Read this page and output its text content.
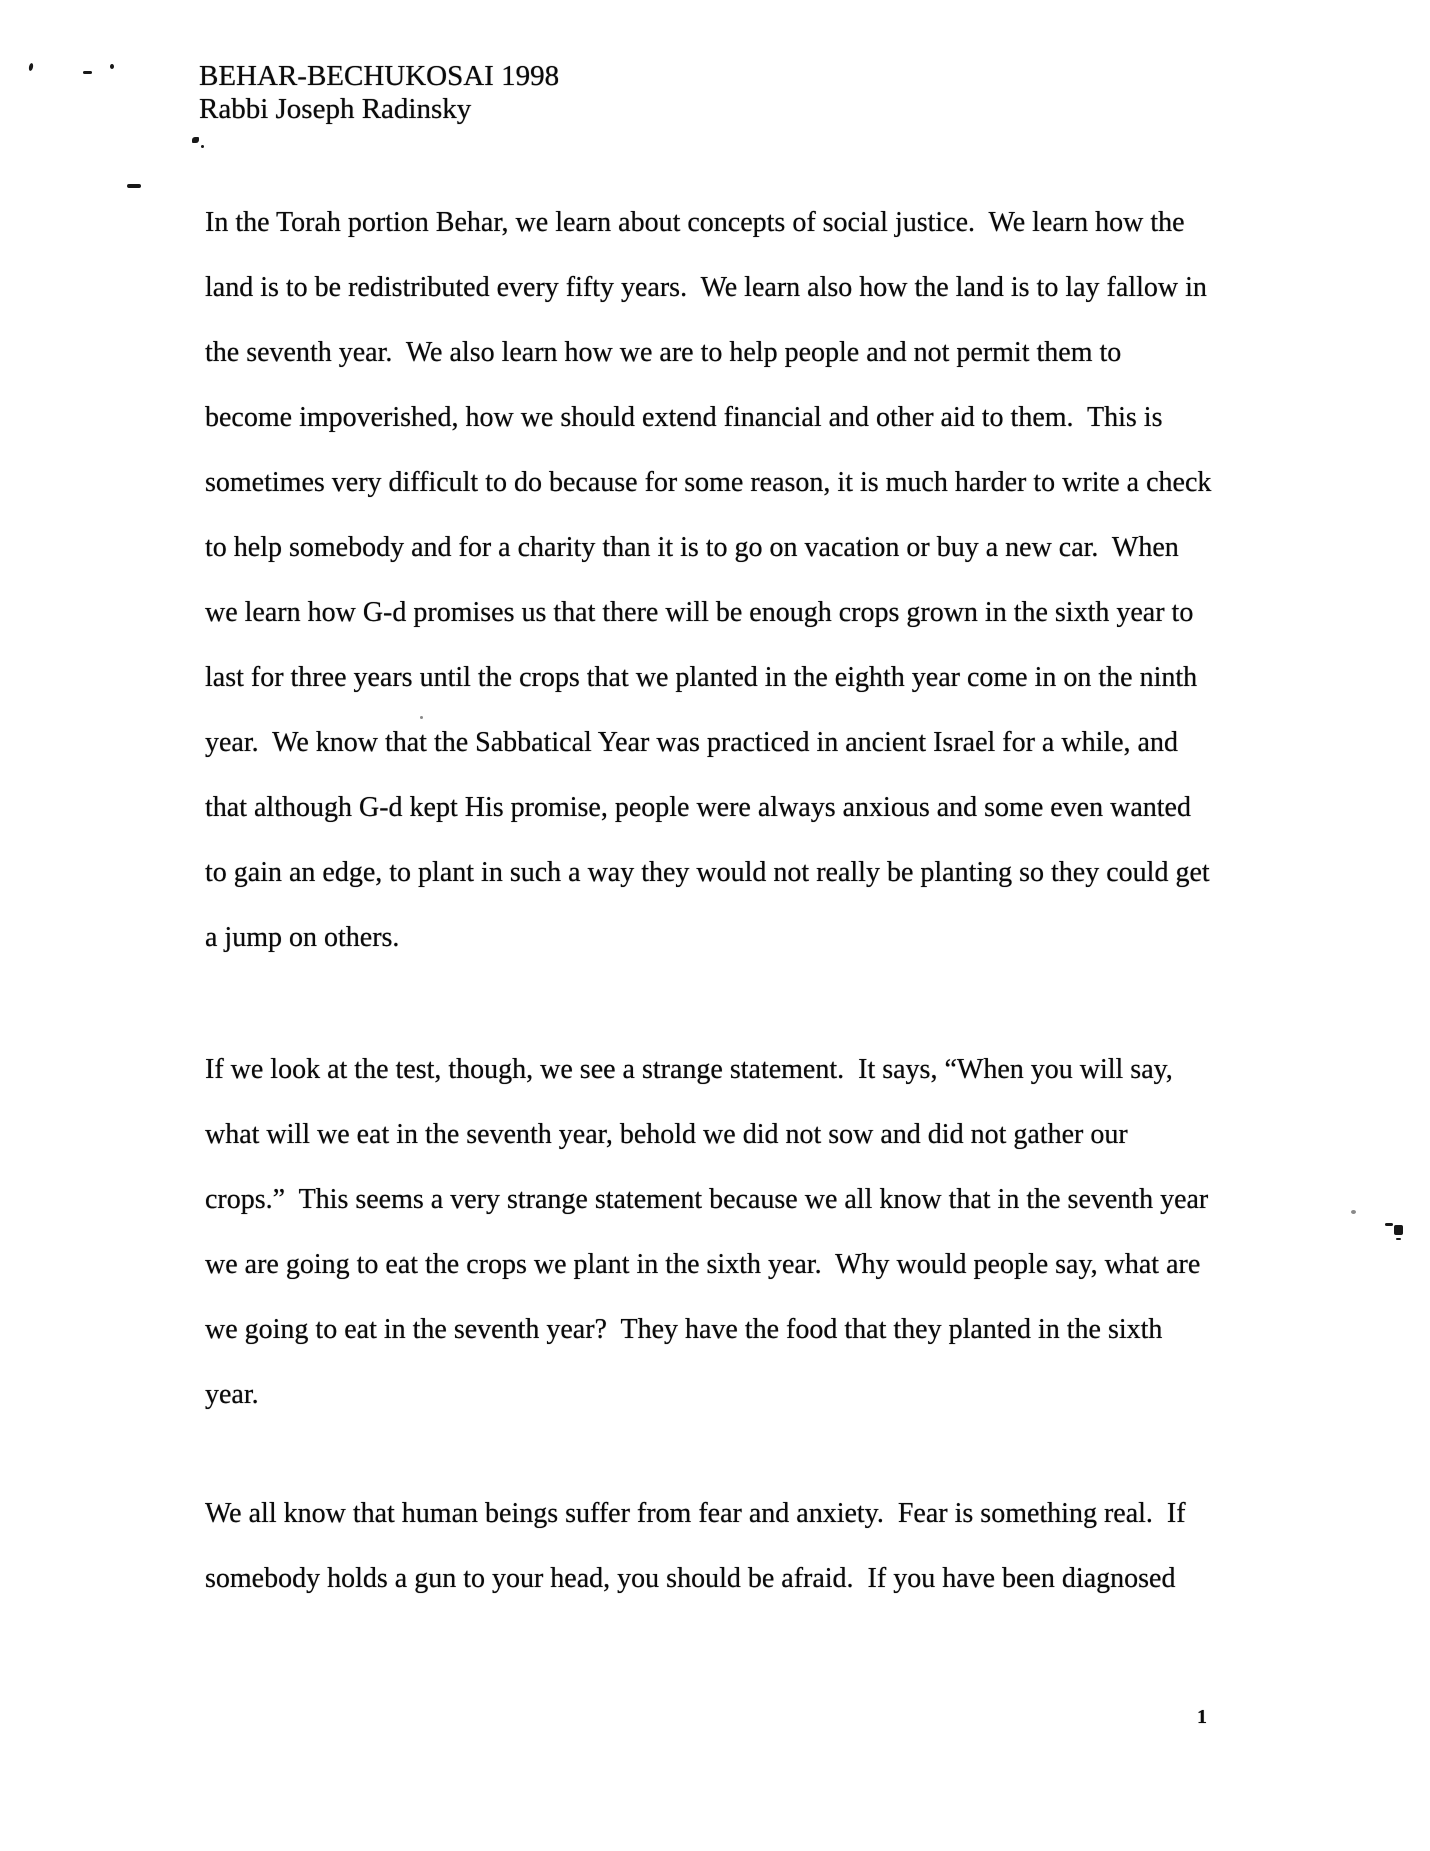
BEHAR-BECHUKOSAI 1998
Rabbi Joseph Radinsky
In the Torah portion Behar, we learn about concepts of social justice.  We learn how the
land is to be redistributed every fifty years.  We learn also how the land is to lay fallow in
the seventh year.  We also learn how we are to help people and not permit them to
become impoverished, how we should extend financial and other aid to them.  This is
sometimes very difficult to do because for some reason, it is much harder to write a check
to help somebody and for a charity than it is to go on vacation or buy a new car.  When
we learn how G-d promises us that there will be enough crops grown in the sixth year to
last for three years until the crops that we planted in the eighth year come in on the ninth
year.  We know that the Sabbatical Year was practiced in ancient Israel for a while, and
that although G-d kept His promise, people were always anxious and some even wanted
to gain an edge, to plant in such a way they would not really be planting so they could get
a jump on others.
If we look at the test, though, we see a strange statement.  It says, “When you will say,
what will we eat in the seventh year, behold we did not sow and did not gather our
crops.”  This seems a very strange statement because we all know that in the seventh year
we are going to eat the crops we plant in the sixth year.  Why would people say, what are
we going to eat in the seventh year?  They have the food that they planted in the sixth
year.
We all know that human beings suffer from fear and anxiety.  Fear is something real.  If
somebody holds a gun to your head, you should be afraid.  If you have been diagnosed
1
